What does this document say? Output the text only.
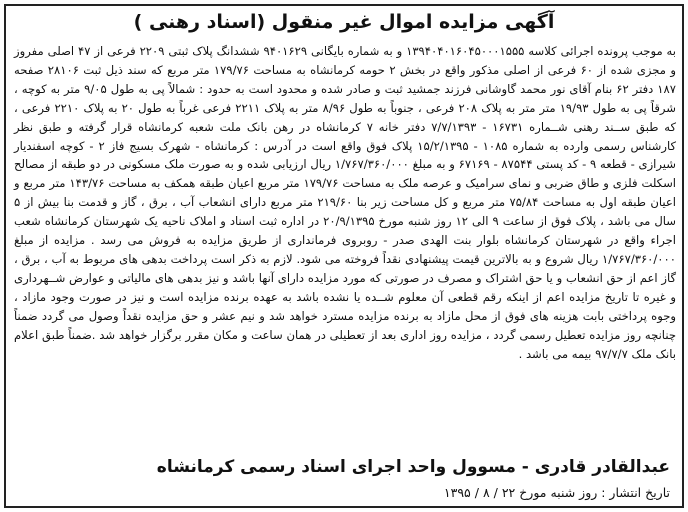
آگهی مزایده اموال غیر منقول (اسناد رهنی )

به موجب پرونده اجرائی کلاسه ۱۳۹۴۰۴۰۱۶۰۴۵۰۰۰۱۵۵۵ و به شماره بایگانی ۹۴۰۱۶۲۹ ششدانگ پلاک ثبتی ۲۲۰۹ فرعی از ۴۷ اصلی مفروز و مجزی شده از ۶۰ فرعی از اصلی مذکور واقع در بخش ۲ حومه کرمانشاه به مساحت ۱۷۹/۷۶ متر مربع که سند ذیل ثبت ۲۸۱۰۶ صفحه ۱۸۷ دفتر ۶۲ بنام آقای نور محمد گاوشانی فرزند جمشید ثبت و صادر شده و محدود است به حدود : شمالاً پی به طول ۹/۰۵ متر به کوچه ، شرقاً پی به طول ۱۹/۹۳ متر متر به پلاک ۲۰۸ فرعی ، جنوباً به طول ۸/۹۶ متر به پلاک ۲۲۱۱ فرعی غرباً به طول ۲۰ به پلاک ۲۲۱۰ فرعی ، که طبق ســند رهنی شــماره ۱۶۷۳۱ - ۷/۷/۱۳۹۳ دفتر خانه ۷ کرمانشاه در رهن بانک ملت شعبه کرمانشاه قرار گرفته و طبق نظر کارشناس رسمی وارده به شماره ۱۰۸۵ - ۱۵/۲/۱۳۹۵ پلاک فوق واقع است در آدرس : کرمانشاه - شهرک بسیج فاز ۲ - کوچه اسفندیار شیرازی - قطعه ۹ - کد پستی ۸۷۵۴۴ - ۶۷۱۶۹ و به مبلغ ۱/۷۶۷/۳۶۰/۰۰۰ ریال ارزیابی شده و به صورت ملک مسکونی در دو طبقه از مصالح اسکلت فلزی و طاق ضربی و نمای سرامیک و عرصه ملک به مساحت ۱۷۹/۷۶ متر مربع اعیان طبقه همکف به مساحت ۱۴۳/۷۶ متر مربع و اعیان طبقه اول به مساحت ۷۵/۸۴ متر مربع و کل مساحت زیر بنا ۲۱۹/۶۰ متر مربع دارای انشعاب آب ، برق ، گاز و قدمت بنا بیش از ۵ سال می باشد ، پلاک فوق از ساعت ۹ الی ۱۲ روز شنبه مورخ ۲۰/۹/۱۳۹۵ در اداره ثبت اسناد و املاک ناحیه یک شهرستان کرمانشاه شعب اجراء واقع در شهرستان کرمانشاه بلوار بنت الهدی صدر - روبروی فرمانداری از طریق مزایده به فروش می رسد . مزایده از مبلغ ۱/۷۶۷/۳۶۰/۰۰۰ ریال شروع و به بالاترین قیمت پیشنهادی نقداً فروخته می شود. لازم به ذکر است پرداخت بدهی های مربوط به آب ، برق ، گاز اعم از حق انشعاب و یا حق اشتراک و مصرف در صورتی که مورد مزایده دارای آنها باشد و نیز بدهی های مالیاتی و عوارض شــهرداری و غیره تا تاریخ مزایده اعم از اینکه رقم قطعی آن معلوم شــده یا نشده باشد به عهده برنده مزایده است و نیز در صورت وجود مازاد ، وجوه پرداختی بابت هزینه های فوق از محل مازاد به برنده مزایده مسترد خواهد شد و نیم عشر و حق مزایده نقداً وصول می گردد ضمناً چنانچه روز مزایده تعطیل رسمی گردد ، مزایده روز اداری بعد از تعطیلی در همان ساعت و مکان مقرر برگزار خواهد شد .ضمناً طبق اعلام بانک ملک ۹۷/۷/۷ بیمه می باشد .

عبدالقادر قادری - مسوول واحد اجرای اسناد رسمی کرمانشاه
تاریخ انتشار : روز شنبه مورخ ۲۲ / ۸ / ۱۳۹۵
